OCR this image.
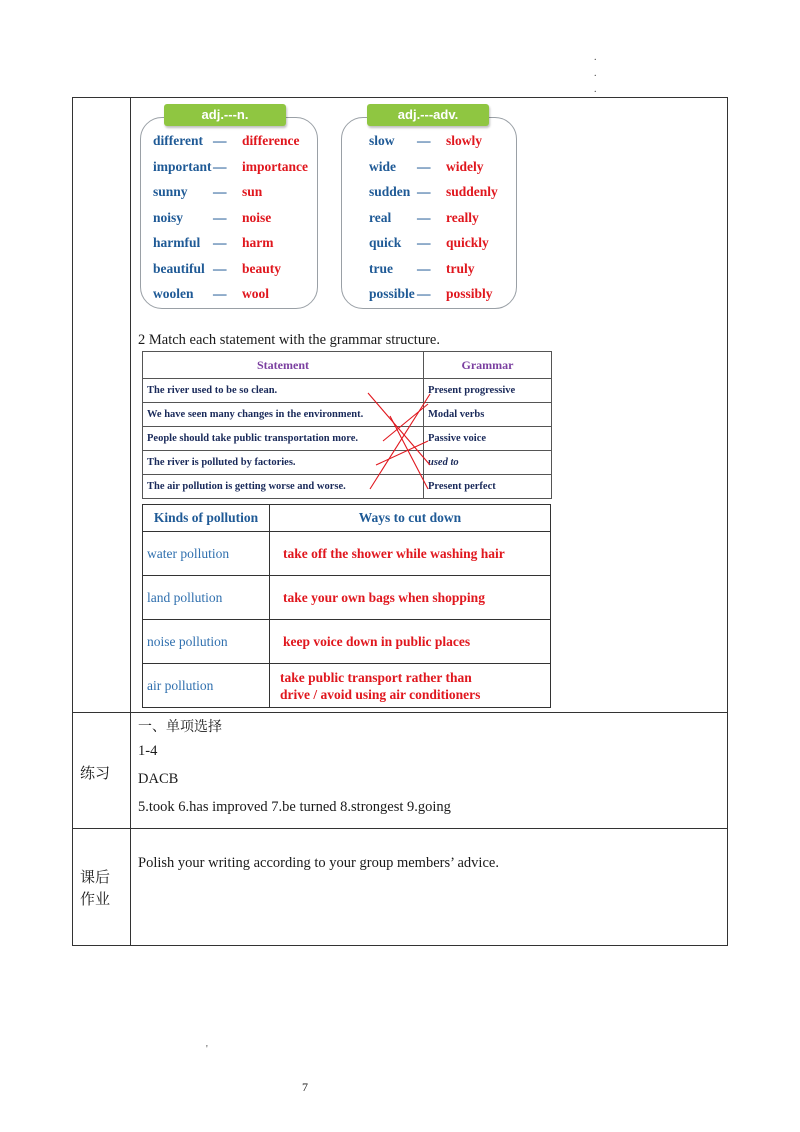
.
.
.
adj.---n.
different — difference
important — importance
sunny — sun
noisy — noise
harmful — harm
beautiful — beauty
woolen — wool
adj.---adv.
slow — slowly
wide — widely
sudden — suddenly
real — really
quick — quickly
true — truly
possible — possibly
2 Match each statement with the grammar structure.
Statement	Grammar
The river used to be so clean.	Present progressive
We have seen many changes in the environment.	Modal verbs
People should take public transportation more.	Passive voice
The river is polluted by factories.	used to
The air pollution is getting worse and worse.	Present perfect
Kinds of pollution	Ways to cut down
water pollution	take off the shower while washing hair
land pollution	take your own bags when shopping
noise pollution	keep voice down in public places
air pollution	take public transport rather than
drive / avoid using air conditioners
练习
一、单项选择
1-4
DACB
5.took 6.has improved 7.be turned 8.strongest 9.going
课后
作业
Polish your writing according to your group members’ advice.
'
7
